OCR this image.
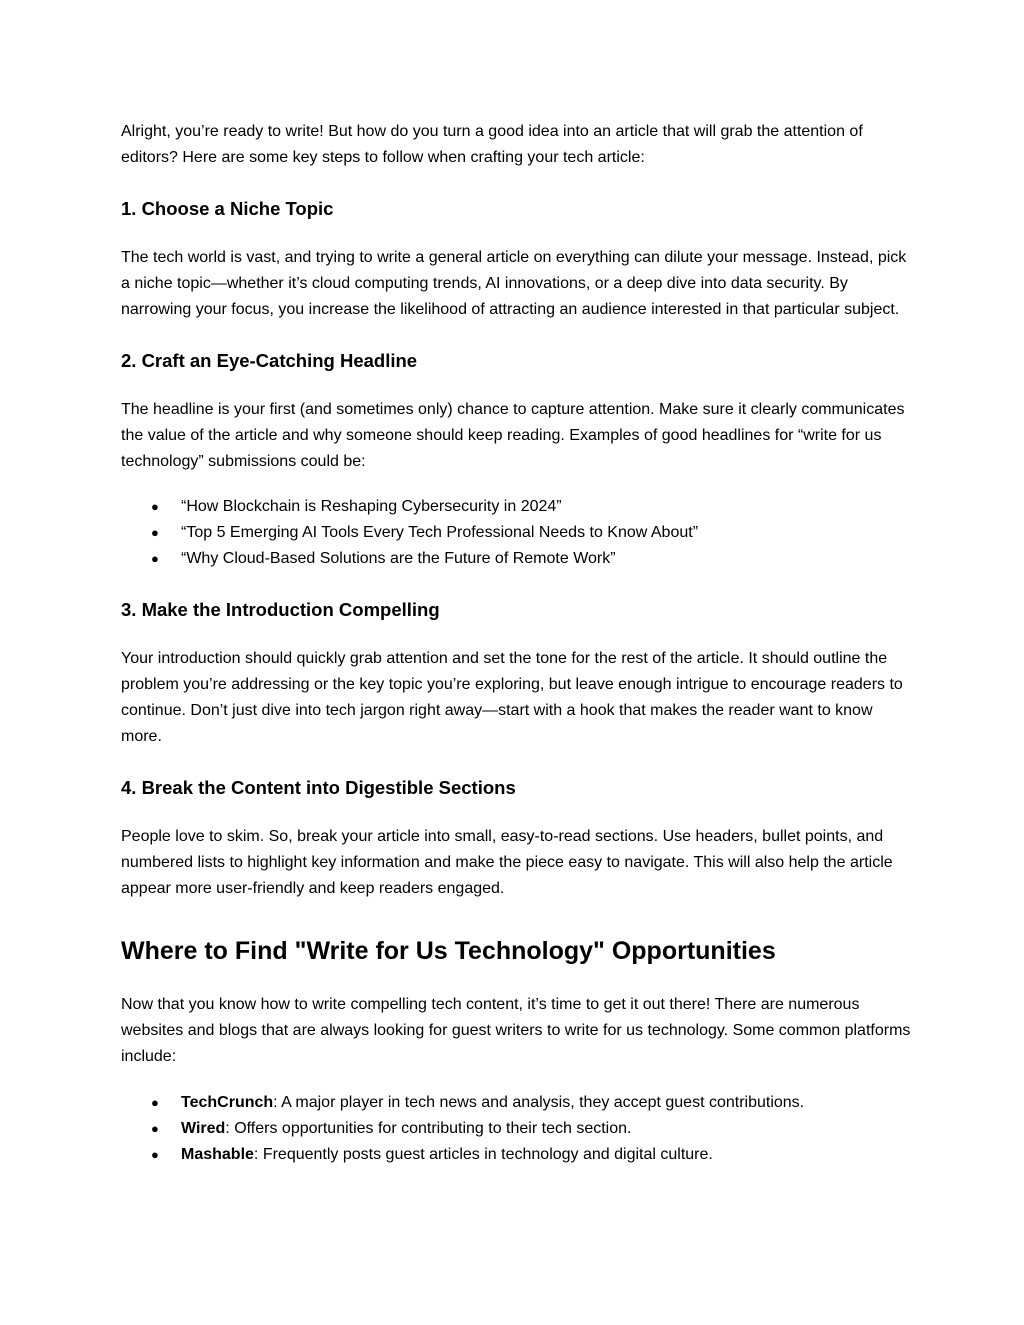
Alright, you’re ready to write! But how do you turn a good idea into an article that will grab the attention of editors? Here are some key steps to follow when crafting your tech article:

1. Choose a Niche Topic

The tech world is vast, and trying to write a general article on everything can dilute your message. Instead, pick a niche topic—whether it’s cloud computing trends, AI innovations, or a deep dive into data security. By narrowing your focus, you increase the likelihood of attracting an audience interested in that particular subject.

2. Craft an Eye-Catching Headline

The headline is your first (and sometimes only) chance to capture attention. Make sure it clearly communicates the value of the article and why someone should keep reading. Examples of good headlines for “write for us technology” submissions could be:

● “How Blockchain is Reshaping Cybersecurity in 2024”
● “Top 5 Emerging AI Tools Every Tech Professional Needs to Know About”
● “Why Cloud-Based Solutions are the Future of Remote Work”
3. Make the Introduction Compelling

Your introduction should quickly grab attention and set the tone for the rest of the article. It should outline the problem you’re addressing or the key topic you’re exploring, but leave enough intrigue to encourage readers to continue. Don’t just dive into tech jargon right away—start with a hook that makes the reader want to know more.

4. Break the Content into Digestible Sections

People love to skim. So, break your article into small, easy-to-read sections. Use headers, bullet points, and numbered lists to highlight key information and make the piece easy to navigate. This will also help the article appear more user-friendly and keep readers engaged.

Where to Find "Write for Us Technology" Opportunities

Now that you know how to write compelling tech content, it’s time to get it out there! There are numerous websites and blogs that are always looking for guest writers to write for us technology. Some common platforms include:

● TechCrunch: A major player in tech news and analysis, they accept guest contributions.
● Wired: Offers opportunities for contributing to their tech section.
● Mashable: Frequently posts guest articles in technology and digital culture.
